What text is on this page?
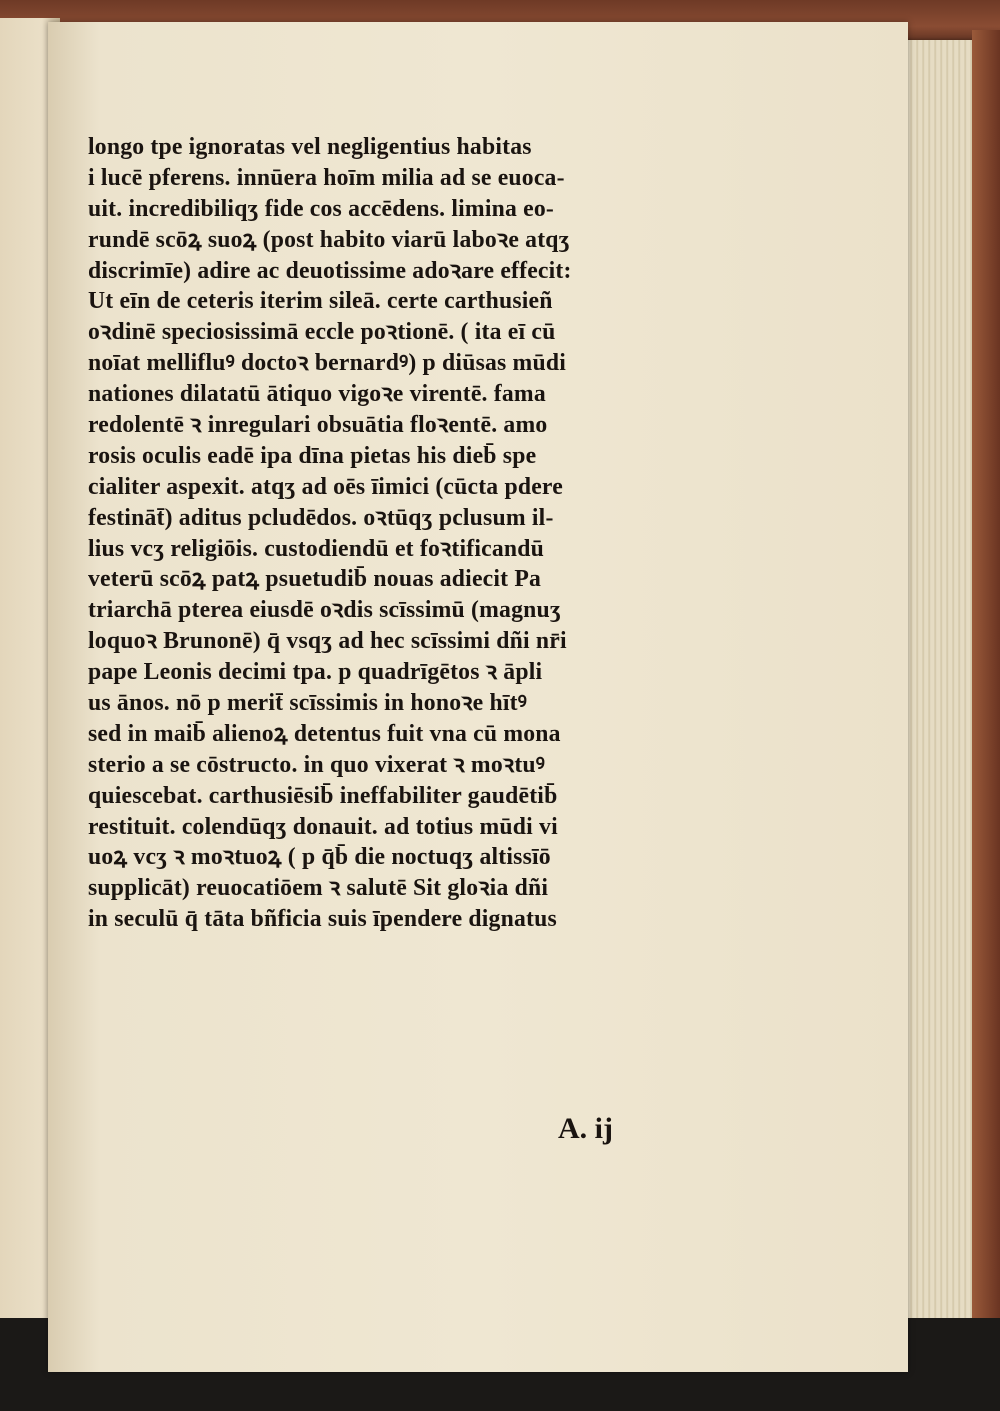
longo tpe ignoratas vel negligentius habitas
i lucē pferens. innūera hoīm milia ad se euoca-
uit. incredibiliqʒ fide cos accēdens. limina eo-
rundē scōꝝ suoꝝ (post habito viarū laboꝛe atqʒ
discrimīe) adire ac deuotissime adoꝛare effecit:
Ut eīn de ceteris iterim sileā. certe carthusieñ
oꝛdinē speciosissimā eccle poꝛtionē. ( ita eī cū
noīat mellifluꝰ doctoꝛ bernardꝰ) p diūsas mūdi
nationes dilatatū ātiquo vigoꝛe virentē. fama
redolentē ꝛ inregulari obsuātia floꝛentē. amo
rosis oculis eadē ipa dīna pietas his dieb̄ spe
cialiter aspexit. atqʒ ad oēs īimici (cūcta pdere
festināt̄) aditus pcludēdos. oꝛtūqʒ pclusum il-
lius vcʒ religiōis. custodiendū et foꝛtificandū
veterū scōꝝ patꝝ psuetudib̄ nouas adiecit Pa
triarchā pterea eiusdē oꝛdis scīssimū (magnuʒ
loquoꝛ Brunonē) q̄ vsqʒ ad hec scīssimi dñi nr̄i
pape Leonis decimi tpa. p quadrīgētos ꝛ āpli
us ānos. nō p merit̄ scīssimis in honoꝛe hītꝰ
sed in maib̄ alienoꝝ detentus fuit vna cū mona
sterio a se cōstructo. in quo vixerat ꝛ moꝛtuꝰ
quiescebat. carthusiēsib̄ ineffabiliter gaudētib̄
restituit. colendūqʒ donauit. ad totius mūdi vi
uoꝝ vcʒ ꝛ moꝛtuoꝝ ( p q̄b̄ die noctuqʒ altissīō
supplicāt) reuocatiōem ꝛ salutē Sit gloꝛia dñi
in seculū q̄ tāta bñficia suis īpendere dignatus
A. ij
